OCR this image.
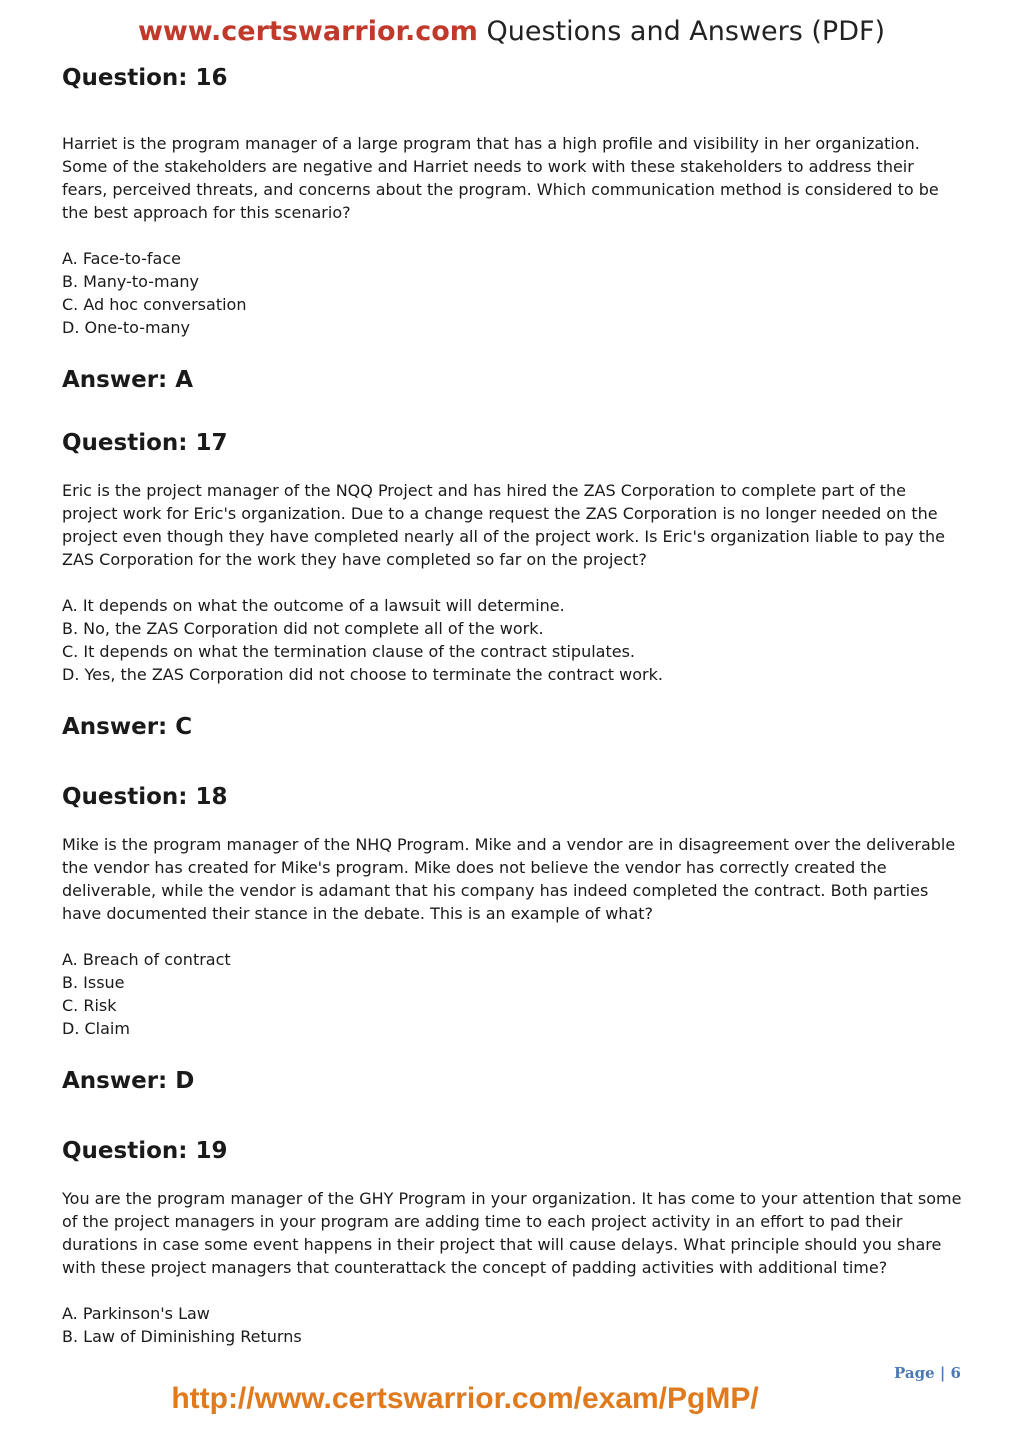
www.certswarrior.com Questions and Answers (PDF)

Question: 16

Harriet is the program manager of a large program that has a high profile and visibility in her organization. Some of the stakeholders are negative and Harriet needs to work with these stakeholders to address their fears, perceived threats, and concerns about the program. Which communication method is considered to be the best approach for this scenario?

A. Face-to-face

B. Many-to-many

C. Ad hoc conversation

D. One-to-many

Answer: A

Question: 17

Eric is the project manager of the NQQ Project and has hired the ZAS Corporation to complete part of the project work for Eric's organization. Due to a change request the ZAS Corporation is no longer needed on the project even though they have completed nearly all of the project work. Is Eric's organization liable to pay the ZAS Corporation for the work they have completed so far on the project?

A. It depends on what the outcome of a lawsuit will determine.

B. No, the ZAS Corporation did not complete all of the work.

C. It depends on what the termination clause of the contract stipulates.

D. Yes, the ZAS Corporation did not choose to terminate the contract work.

Answer: C

Question: 18

Mike is the program manager of the NHQ Program. Mike and a vendor are in disagreement over the deliverable the vendor has created for Mike's program. Mike does not believe the vendor has correctly created the deliverable, while the vendor is adamant that his company has indeed completed the contract. Both parties have documented their stance in the debate. This is an example of what?

A. Breach of contract

B. Issue

C. Risk

D. Claim

Answer: D

Question: 19

You are the program manager of the GHY Program in your organization. It has come to your attention that some of the project managers in your program are adding time to each project activity in an effort to pad their durations in case some event happens in their project that will cause delays. What principle should you share with these project managers that counterattack the concept of padding activities with additional time?

A. Parkinson's Law

B. Law of Diminishing Returns

Page | 6
http://www.certswarrior.com/exam/PgMP/
